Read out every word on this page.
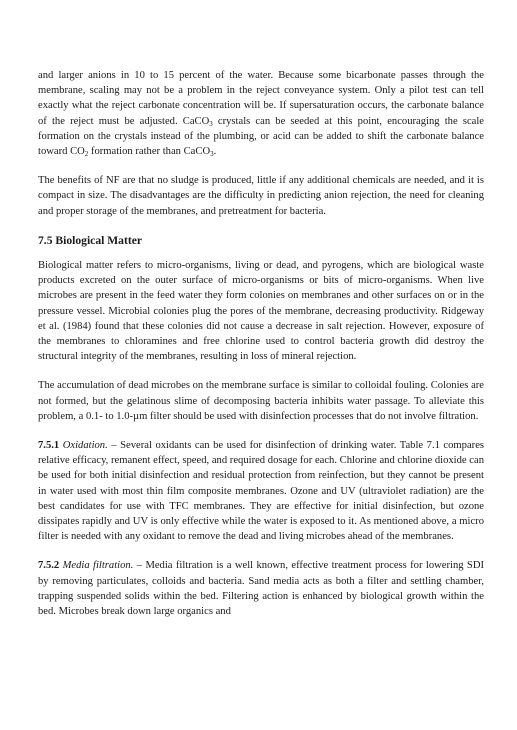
and larger anions in 10 to 15 percent of the water. Because some bicarbonate passes through the membrane, scaling may not be a problem in the reject conveyance system. Only a pilot test can tell exactly what the reject carbonate concentration will be. If supersaturation occurs, the carbonate balance of the reject must be adjusted. CaCO$_3$ crystals can be seeded at this point, encouraging the scale formation on the crystals instead of the plumbing, or acid can be added to shift the carbonate balance toward $CO_2$ formation rather than CaCO$_3$.

The benefits of NF are that no sludge is produced, little if any additional chemicals are needed, and it is compact in size. The disadvantages are the difficulty in predicting anion rejection, the need for cleaning and proper storage of the membranes, and pretreatment for bacteria.

7.5 Biological Matter

Biological matter refers to micro-organisms, living or dead, and pyrogens, which are biological waste products excreted on the outer surface of micro-organisms or bits of micro-organisms. When live microbes are present in the feed water they form colonies on membranes and other surfaces on or in the pressure vessel. Microbial colonies plug the pores of the membrane, decreasing productivity. Ridgeway et al. (1984) found that these colonies did not cause a decrease in salt rejection. However, exposure of the membranes to chloramines and free chlorine used to control bacteria growth did destroy the structural integrity of the membranes, resulting in loss of mineral rejection.

The accumulation of dead microbes on the membrane surface is similar to colloidal fouling. Colonies are not formed, but the gelatinous slime of decomposing bacteria inhibits water passage. To alleviate this problem, a 0.1- to 1.0-µm filter should be used with disinfection processes that do not involve filtration.

7.5.1 Oxidation. – Several oxidants can be used for disinfection of drinking water. Table 7.1 compares relative efficacy, remanent effect, speed, and required dosage for each. Chlorine and chlorine dioxide can be used for both initial disinfection and residual protection from reinfection, but they cannot be present in water used with most thin film composite membranes. Ozone and UV (ultraviolet radiation) are the best candidates for use with TFC membranes. They are effective for initial disinfection, but ozone dissipates rapidly and UV is only effective while the water is exposed to it. As mentioned above, a micro filter is needed with any oxidant to remove the dead and living microbes ahead of the membranes.

7.5.2 Media filtration. – Media filtration is a well known, effective treatment process for lowering SDI by removing particulates, colloids and bacteria. Sand media acts as both a filter and settling chamber, trapping suspended solids within the bed. Filtering action is enhanced by biological growth within the bed. Microbes break down large organics and
